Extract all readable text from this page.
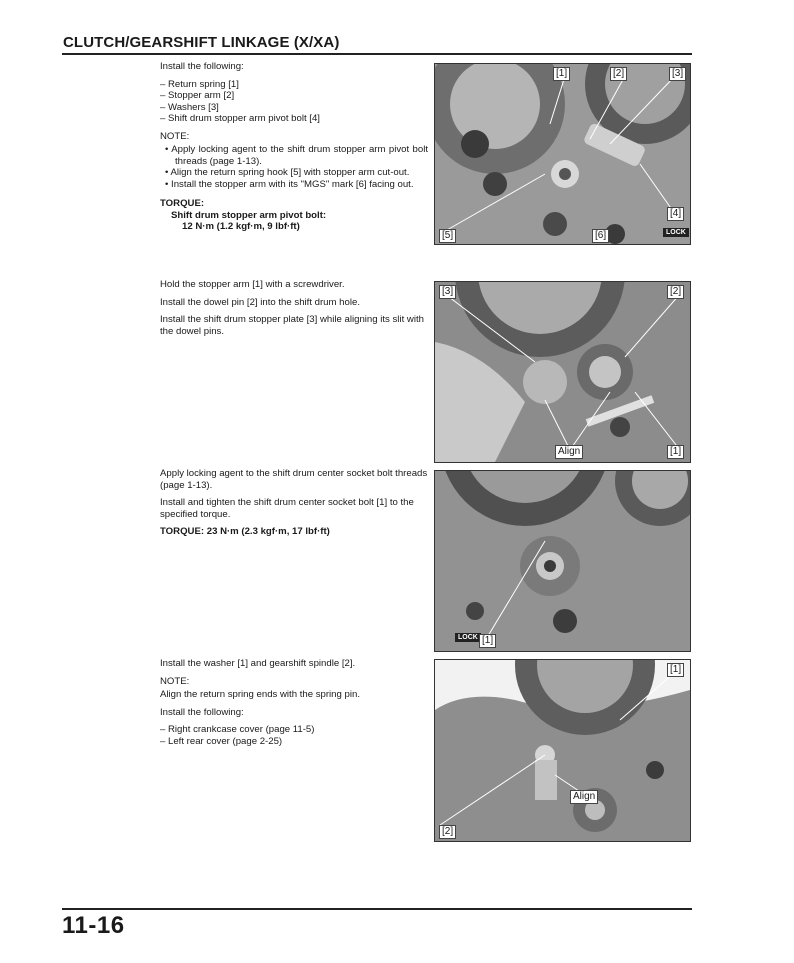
CLUTCH/GEARSHIFT LINKAGE (X/XA)

Install the following:

– Return spring [1]
– Stopper arm [2]
– Washers [3]
– Shift drum stopper arm pivot bolt [4]
NOTE:
• Apply locking agent to the shift drum stopper arm pivot bolt threads (page 1-13).
• Align the return spring hook [5] with stopper arm cut-out.
• Install the stopper arm with its "MGS" mark [6] facing out.
TORQUE:
Shift drum stopper arm pivot bolt:
12 N·m (1.2 kgf·m, 9 lbf·ft)

Hold the stopper arm [1] with a screwdriver.

Install the dowel pin [2] into the shift drum hole.

Install the shift drum stopper plate [3] while aligning its slit with the dowel pins.

Apply locking agent to the shift drum center socket bolt threads (page 1-13).

Install and tighten the shift drum center socket bolt [1] to the specified torque.

TORQUE: 23 N·m (2.3 kgf·m, 17 lbf·ft)

Install the washer [1] and gearshift spindle [2].

NOTE:

Align the return spring ends with the spring pin.

Install the following:

– Right crankcase cover (page 11-5)
– Left rear cover (page 2-25)
[1]	[2]	[3]
[4]
[5]	[6]	LOCK
[3]	[2]
Align	[1]
LOCK [1]
[1]
Align
[2]
11-16
